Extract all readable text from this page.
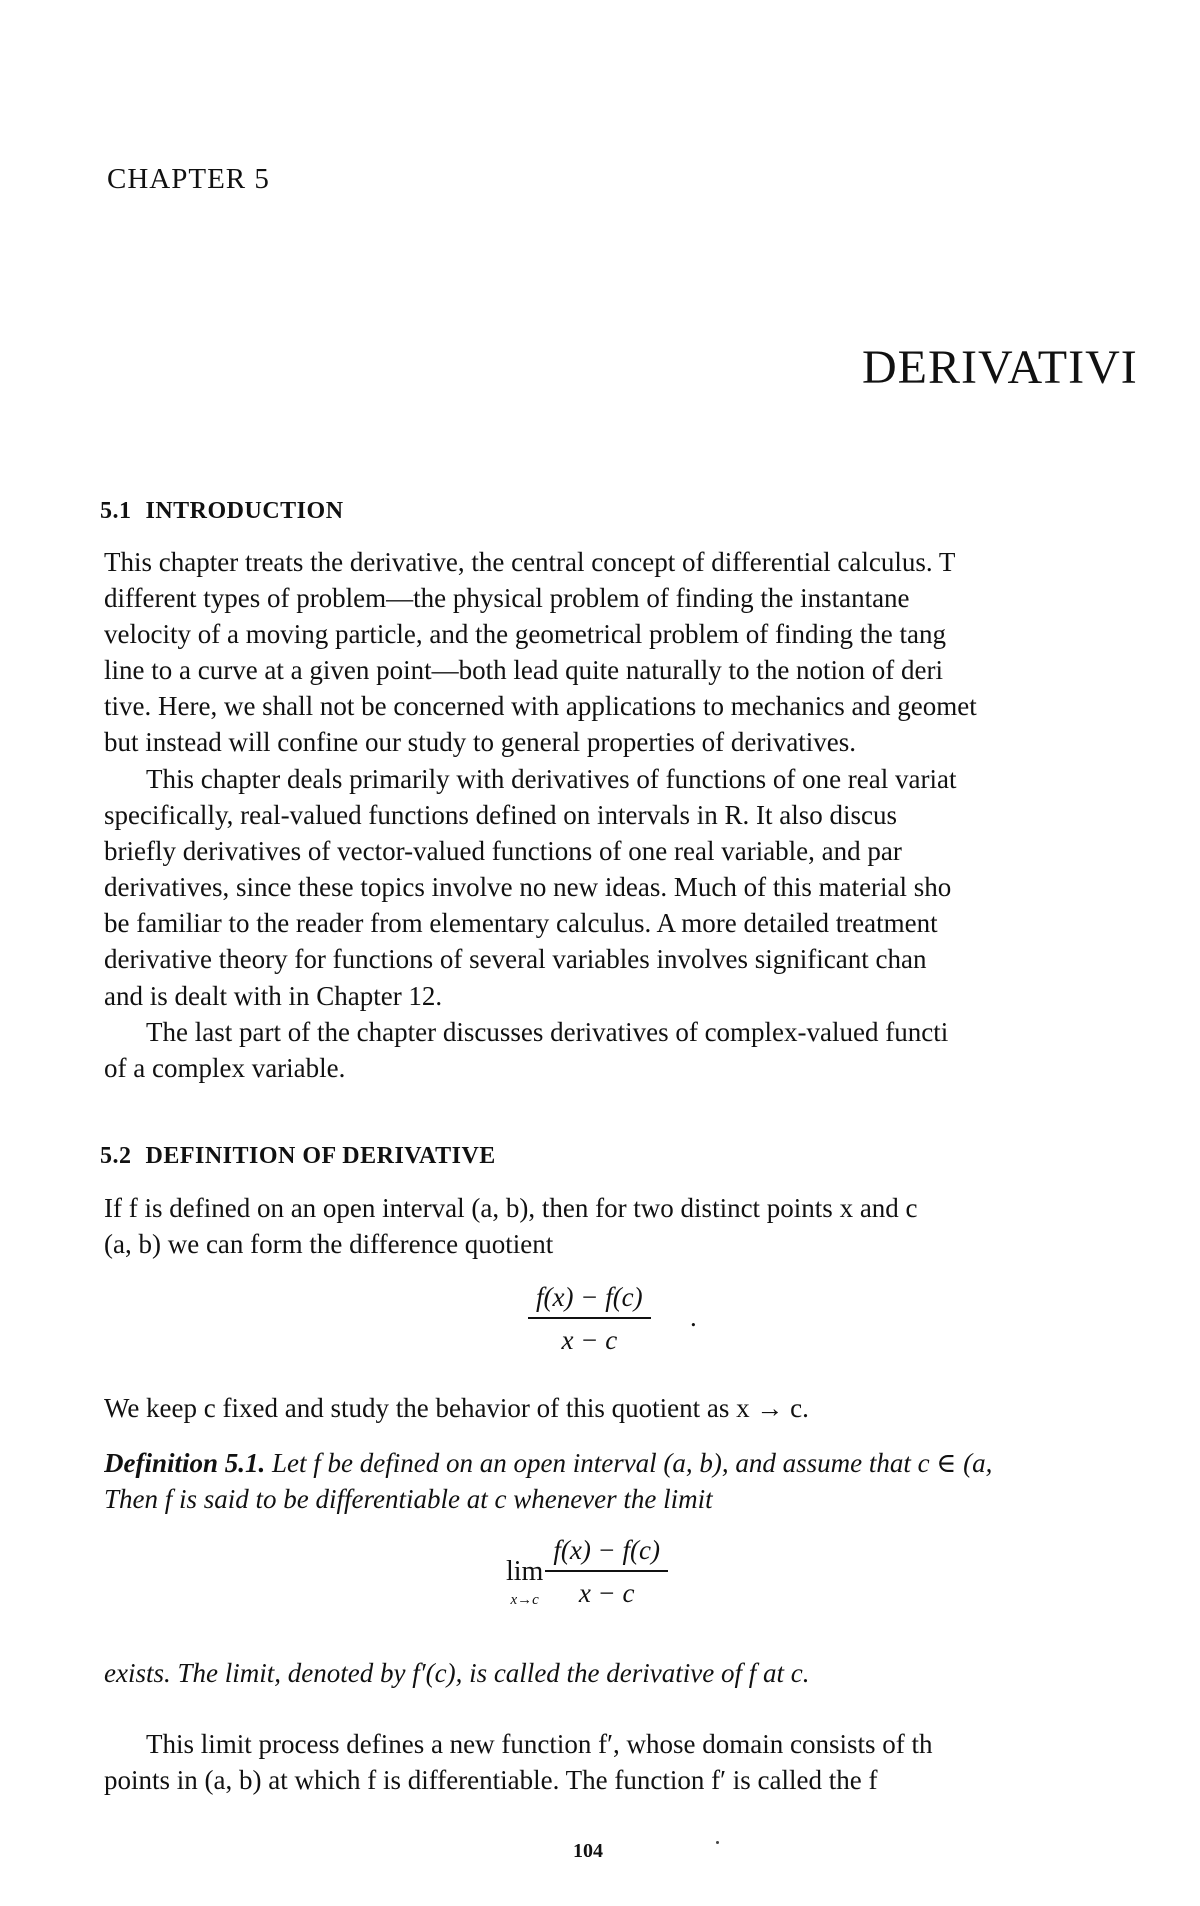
CHAPTER 5
DERIVATIVI
5.1 INTRODUCTION
This chapter treats the derivative, the central concept of differential calculus. T
different types of problem—the physical problem of finding the instantane
velocity of a moving particle, and the geometrical problem of finding the tang
line to a curve at a given point—both lead quite naturally to the notion of deri
tive. Here, we shall not be concerned with applications to mechanics and geomet
but instead will confine our study to general properties of derivatives.
This chapter deals primarily with derivatives of functions of one real variat
specifically, real-valued functions defined on intervals in R. It also discus
briefly derivatives of vector-valued functions of one real variable, and par
derivatives, since these topics involve no new ideas. Much of this material sho
be familiar to the reader from elementary calculus. A more detailed treatment
derivative theory for functions of several variables involves significant chan
and is dealt with in Chapter 12.
The last part of the chapter discusses derivatives of complex-valued functi
of a complex variable.
5.2 DEFINITION OF DERIVATIVE
If f is defined on an open interval (a, b), then for two distinct points x and c
(a, b) we can form the difference quotient
$\frac{f(x) - f(c)}{x - c}$ .
We keep c fixed and study the behavior of this quotient as x → c.
Definition 5.1. Let f be defined on an open interval (a, b), and assume that c ∈ (a,
Then f is said to be differentiable at c whenever the limit
lim
$x\to c \frac{f(x) - f(c)}{x - c}$
exists. The limit, denoted by f′(c), is called the derivative of f at c.
This limit process defines a new function f′, whose domain consists of th
points in (a, b) at which f is differentiable. The function f′ is called the f
104
